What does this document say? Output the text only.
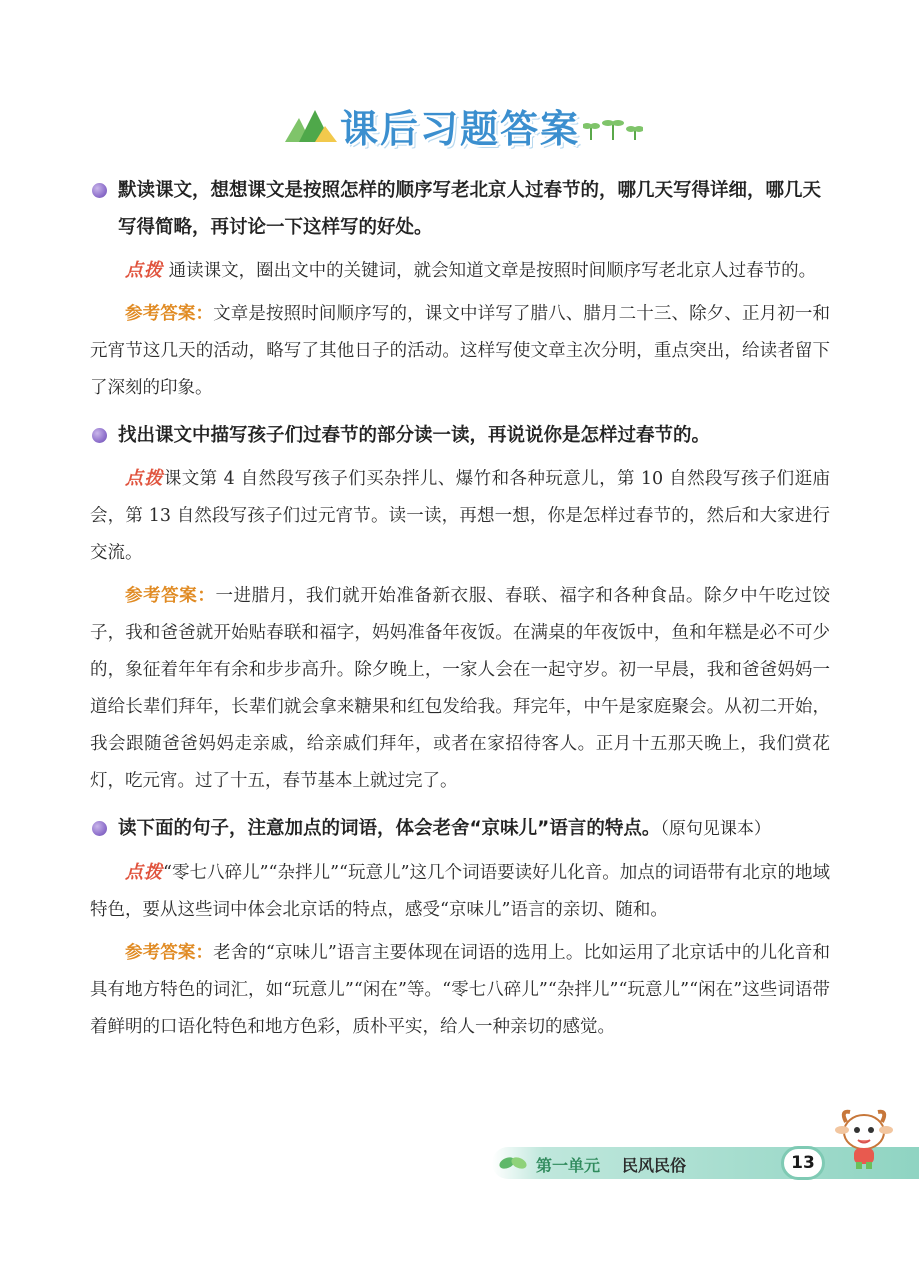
课后习题答案

默读课文，想想课文是按照怎样的顺序写老北京人过春节的，哪几天写得详细，哪几天写得简略，再讨论一下这样写的好处。

点拨 通读课文，圈出文中的关键词，就会知道文章是按照时间顺序写老北京人过春节的。

参考答案：文章是按照时间顺序写的，课文中详写了腊八、腊月二十三、除夕、正月初一和元宵节这几天的活动，略写了其他日子的活动。这样写使文章主次分明，重点突出，给读者留下了深刻的印象。

找出课文中描写孩子们过春节的部分读一读，再说说你是怎样过春节的。

点拨课文第 4 自然段写孩子们买杂拌儿、爆竹和各种玩意儿，第 10 自然段写孩子们逛庙会，第 13 自然段写孩子们过元宵节。读一读，再想一想，你是怎样过春节的，然后和大家进行交流。

参考答案：一进腊月，我们就开始准备新衣服、春联、福字和各种食品。除夕中午吃过饺子，我和爸爸就开始贴春联和福字，妈妈准备年夜饭。在满桌的年夜饭中，鱼和年糕是必不可少的，象征着年年有余和步步高升。除夕晚上，一家人会在一起守岁。初一早晨，我和爸爸妈妈一道给长辈们拜年，长辈们就会拿来糖果和红包发给我。拜完年，中午是家庭聚会。从初二开始，我会跟随爸爸妈妈走亲戚，给亲戚们拜年，或者在家招待客人。正月十五那天晚上，我们赏花灯，吃元宵。过了十五，春节基本上就过完了。

读下面的句子，注意加点的词语，体会老舍“京味儿”语言的特点。（原句见课本）

点拨“零七八碎儿”“杂拌儿”“玩意儿”这几个词语要读好儿化音。加点的词语带有北京的地域特色，要从这些词中体会北京话的特点，感受“京味儿”语言的亲切、随和。

参考答案：老舍的“京味儿”语言主要体现在词语的选用上。比如运用了北京话中的儿化音和具有地方特色的词汇，如“玩意儿”“闲在”等。“零七八碎儿”“杂拌儿”“玩意儿”“闲在”这些词语带着鲜明的口语化特色和地方色彩，质朴平实，给人一种亲切的感觉。

第一单元 民风民俗	13
